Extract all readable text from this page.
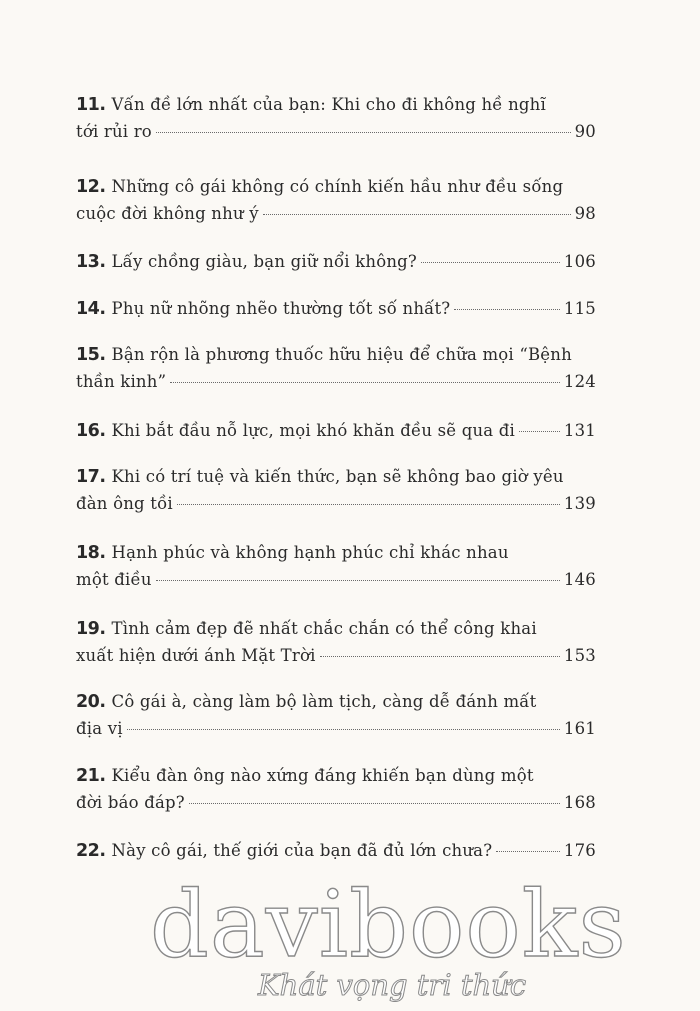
11. Vấn đề lớn nhất của bạn: Khi cho đi không hề nghĩ
tới rủi ro	90
12. Những cô gái không có chính kiến hầu như đều sống
cuộc đời không như ý	98
13. Lấy chồng giàu, bạn giữ nổi không?	106
14. Phụ nữ nhõng nhẽo thường tốt số nhất?	115
15. Bận rộn là phương thuốc hữu hiệu để chữa mọi “Bệnh
thần kinh”	124
16. Khi bắt đầu nỗ lực, mọi khó khăn đều sẽ qua đi	131
17. Khi có trí tuệ và kiến thức, bạn sẽ không bao giờ yêu
đàn ông tồi	139
18. Hạnh phúc và không hạnh phúc chỉ khác nhau
một điều	146
19. Tình cảm đẹp đẽ nhất chắc chắn có thể công khai
xuất hiện dưới ánh Mặt Trời	153
20. Cô gái à, càng làm bộ làm tịch, càng dễ đánh mất
địa vị	161
21. Kiểu đàn ông nào xứng đáng khiến bạn dùng một
đời báo đáp?	168
22. Này cô gái, thế giới của bạn đã đủ lớn chưa?	176
davibooks
Khát vọng tri thức
